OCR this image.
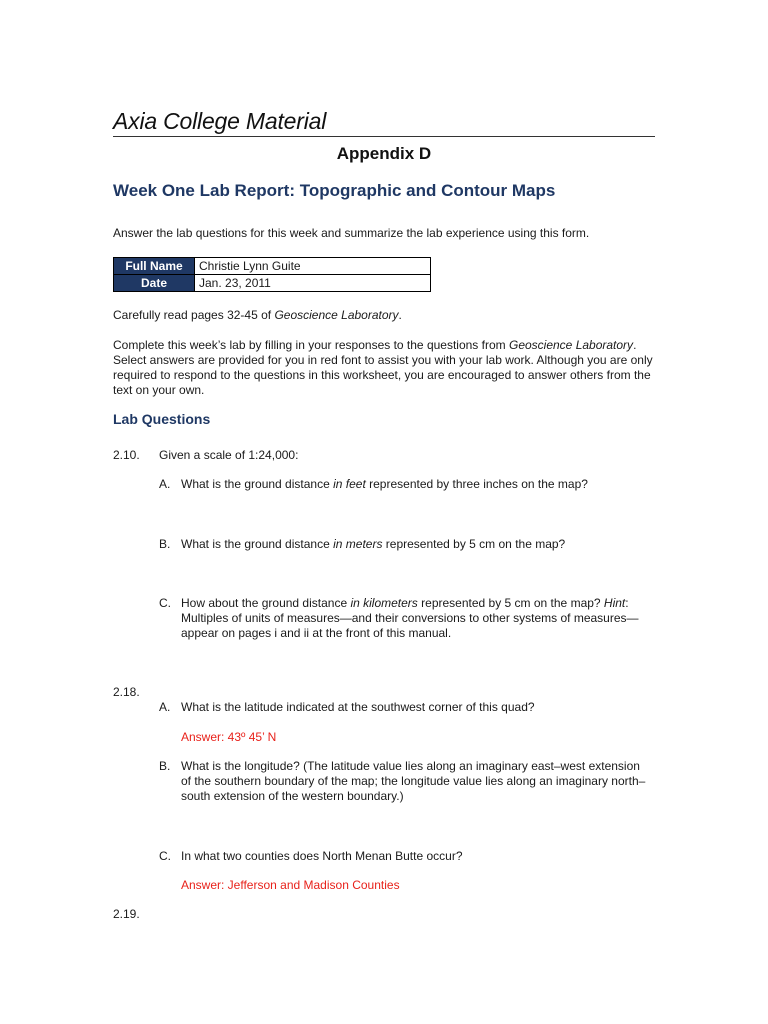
Axia College Material
Appendix D
Week One Lab Report: Topographic and Contour Maps
Answer the lab questions for this week and summarize the lab experience using this form.
Full Name	Christie Lynn Guite
Date	Jan. 23, 2011
Carefully read pages 32-45 of Geoscience Laboratory.
Complete this week’s lab by filling in your responses to the questions from Geoscience Laboratory. Select answers are provided for you in red font to assist you with your lab work. Although you are only required to respond to the questions in this worksheet, you are encouraged to answer others from the text on your own.
Lab Questions
2.10. Given a scale of 1:24,000:
A. What is the ground distance in feet represented by three inches on the map?
B. What is the ground distance in meters represented by 5 cm on the map?
C. How about the ground distance in kilometers represented by 5 cm on the map? Hint: Multiples of units of measures—and their conversions to other systems of measures—appear on pages i and ii at the front of this manual.
2.18.
A. What is the latitude indicated at the southwest corner of this quad?
Answer: 43º 45’ N
B. What is the longitude? (The latitude value lies along an imaginary east–west extension of the southern boundary of the map; the longitude value lies along an imaginary north–south extension of the western boundary.)
C. In what two counties does North Menan Butte occur?
Answer: Jefferson and Madison Counties
2.19.
